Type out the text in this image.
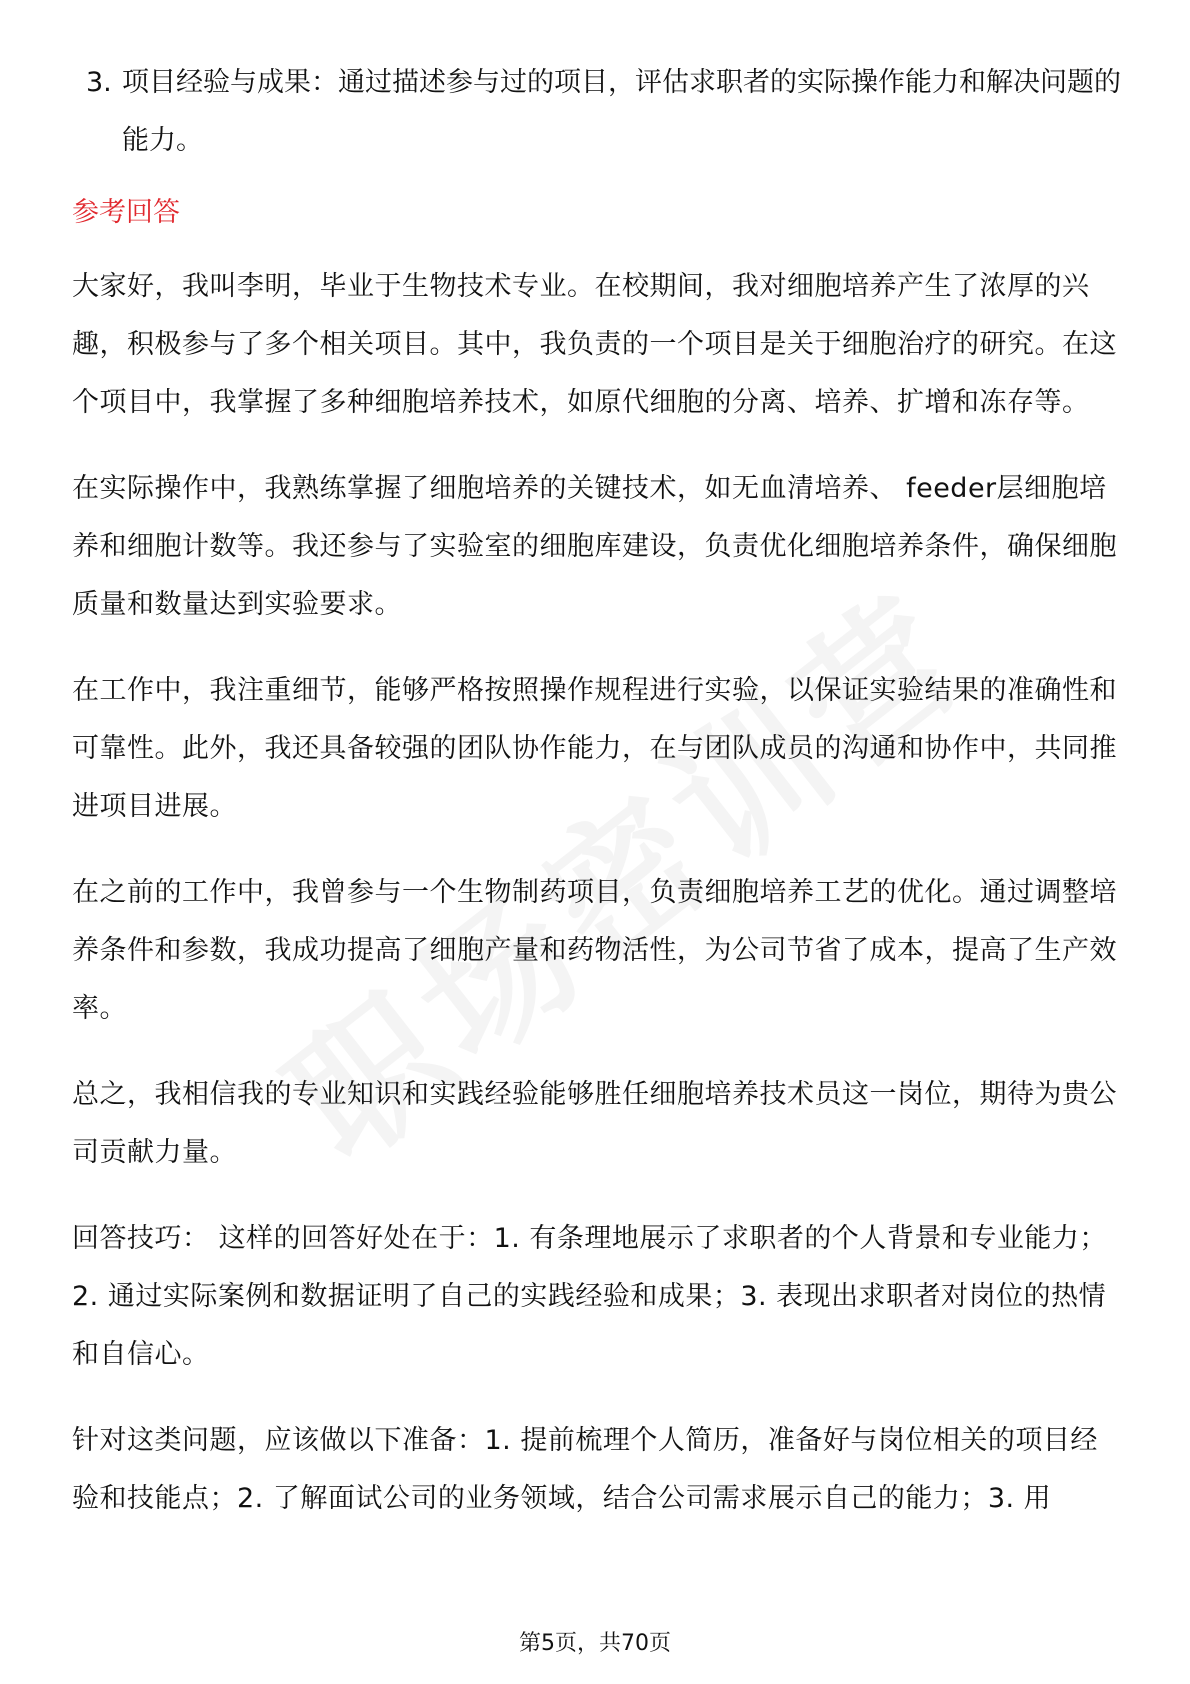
3. 项目经验与成果：通过描述参与过的项目，评估求职者的实际操作能力和解决问题的能力。
参考回答

大家好，我叫李明，毕业于生物技术专业。在校期间，我对细胞培养产生了浓厚的兴趣，积极参与了多个相关项目。其中，我负责的一个项目是关于细胞治疗的研究。在这个项目中，我掌握了多种细胞培养技术，如原代细胞的分离、培养、扩增和冻存等。

在实际操作中，我熟练掌握了细胞培养的关键技术，如无血清培养、 feeder层细胞培养和细胞计数等。我还参与了实验室的细胞库建设，负责优化细胞培养条件，确保细胞质量和数量达到实验要求。

在工作中，我注重细节，能够严格按照操作规程进行实验，以保证实验结果的准确性和可靠性。此外，我还具备较强的团队协作能力，在与团队成员的沟通和协作中，共同推进项目进展。

在之前的工作中，我曾参与一个生物制药项目，负责细胞培养工艺的优化。通过调整培养条件和参数，我成功提高了细胞产量和药物活性，为公司节省了成本，提高了生产效率。

总之，我相信我的专业知识和实践经验能够胜任细胞培养技术员这一岗位，期待为贵公司贡献力量。

回答技巧： 这样的回答好处在于：1. 有条理地展示了求职者的个人背景和专业能力；2. 通过实际案例和数据证明了自己的实践经验和成果；3. 表现出求职者对岗位的热情和自信心。

针对这类问题，应该做以下准备：1. 提前梳理个人简历，准备好与岗位相关的项目经验和技能点；2. 了解面试公司的业务领域，结合公司需求展示自己的能力；3. 用

第5页，共70页
